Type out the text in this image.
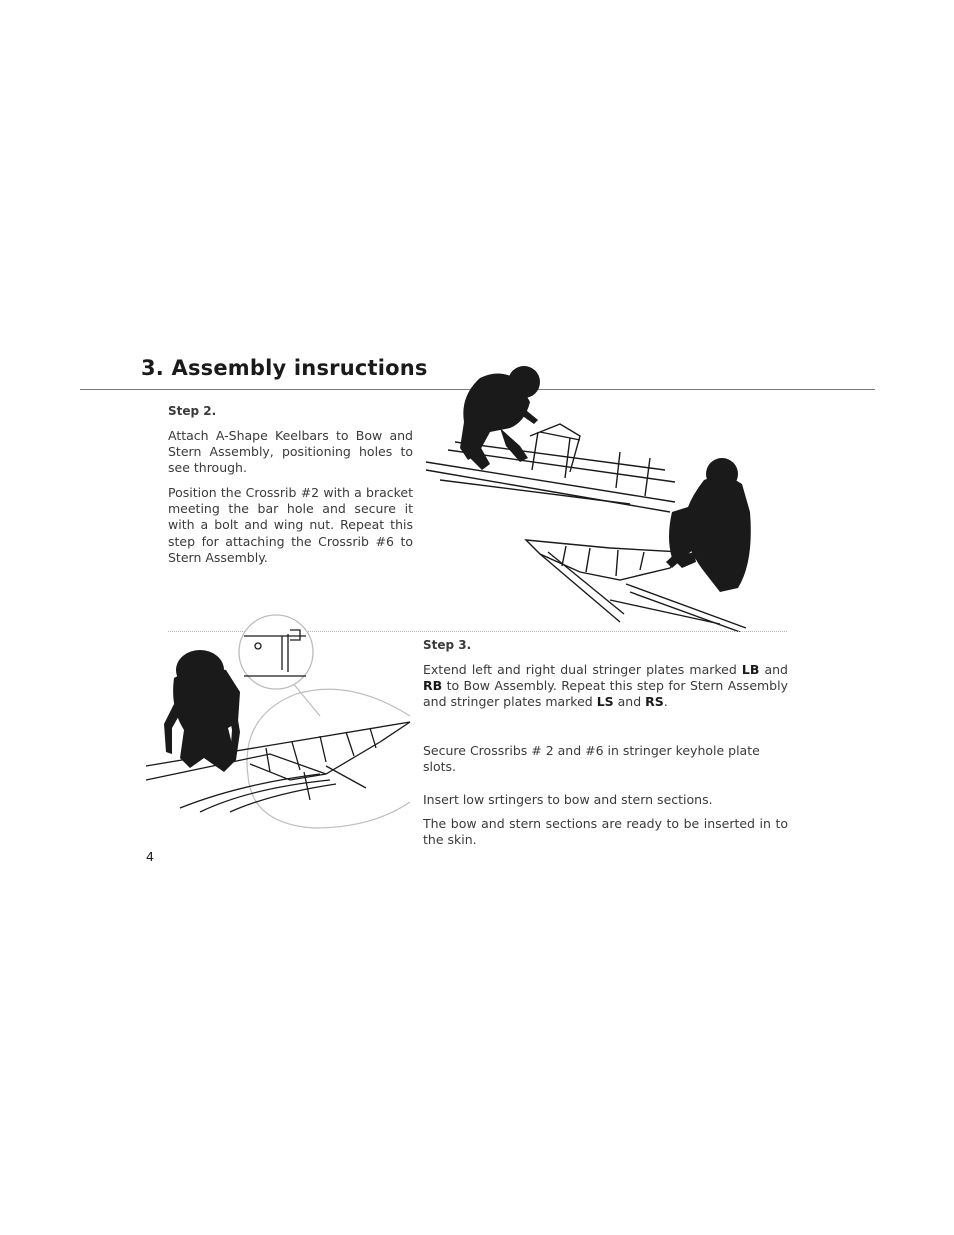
3. Assembly insructions
Step 2.

Attach A-Shape Keelbars to Bow and Stern Assembly, positioning holes to see through.

Position the Crossrib #2 with a bracket meeting the bar hole and secure it with a bolt and wing nut. Repeat this step for attaching the Crossrib #6 to Stern Assembly.

Step 3.

Extend left and right dual stringer plates marked LB and RB to Bow Assembly. Repeat this step for Stern Assembly and stringer plates marked LS and RS.

Secure Crossribs # 2 and #6 in stringer keyhole plate slots.

Insert low srtingers to bow and stern sections.

The bow and stern sections are ready to be inserted in to the skin.

4
